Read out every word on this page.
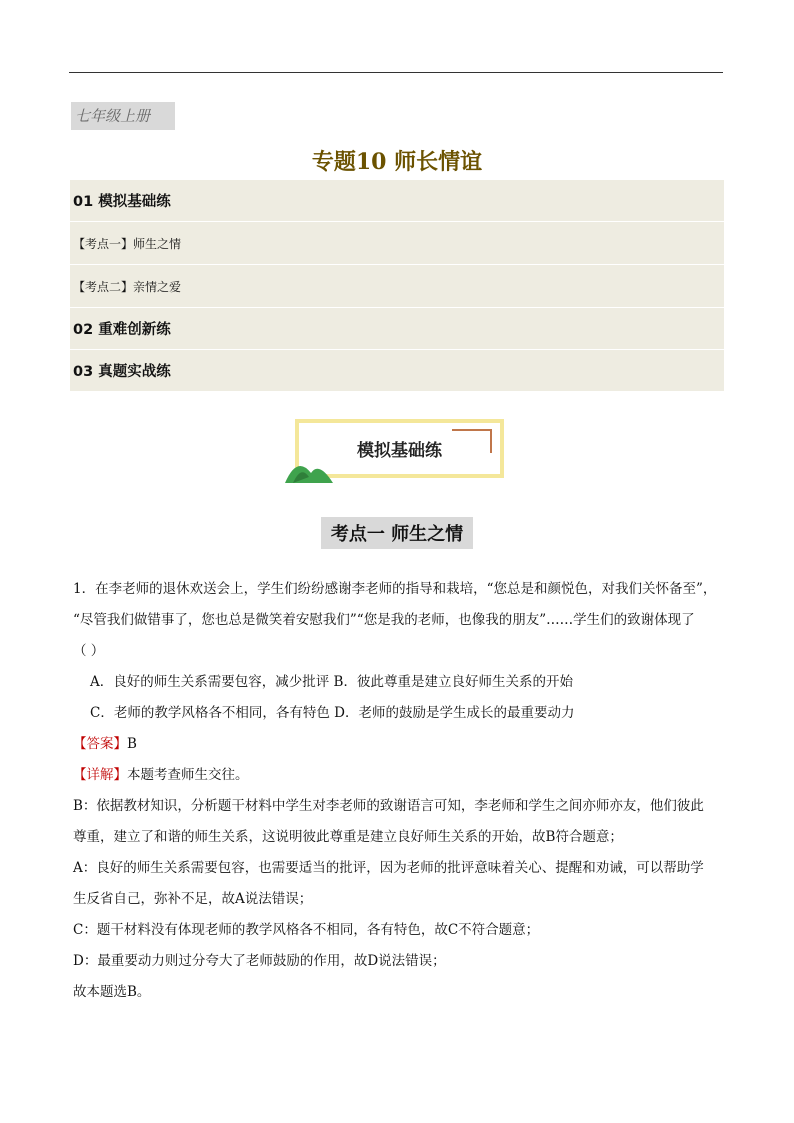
七年级上册
专题10 师长情谊
01 模拟基础练
【考点一】师生之情
【考点二】亲情之爱
02 重难创新练
03 真题实战练
模拟基础练
考点一 师生之情

1．在李老师的退休欢送会上，学生们纷纷感谢李老师的指导和栽培，“您总是和颜悦色，对我们关怀备至”，

“尽管我们做错事了，您也总是微笑着安慰我们”“您是我的老师，也像我的朋友”……学生们的致谢体现了

（ ）

A．良好的师生关系需要包容，减少批评 B．彼此尊重是建立良好师生关系的开始

C．老师的教学风格各不相同，各有特色 D．老师的鼓励是学生成长的最重要动力

【答案】B

【详解】本题考查师生交往。

B：依据教材知识，分析题干材料中学生对李老师的致谢语言可知，李老师和学生之间亦师亦友，他们彼此

尊重，建立了和谐的师生关系，这说明彼此尊重是建立良好师生关系的开始，故B符合题意；

A：良好的师生关系需要包容，也需要适当的批评，因为老师的批评意味着关心、提醒和劝诫，可以帮助学

生反省自己，弥补不足，故A说法错误；

C：题干材料没有体现老师的教学风格各不相同，各有特色，故C不符合题意；

D：最重要动力则过分夸大了老师鼓励的作用，故D说法错误；

故本题选B。
